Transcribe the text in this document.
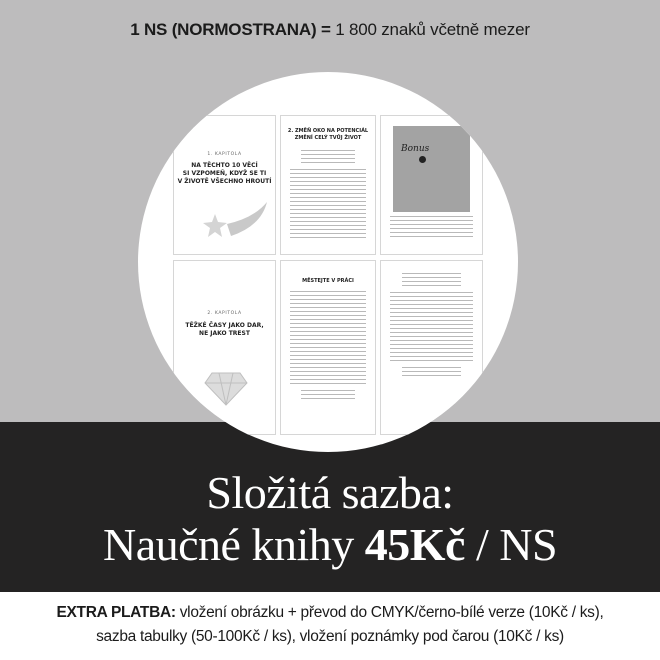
1 NS (NORMOSTRANA) = 1 800 znaků včetně mezer
1. KAPITOLA
NA TĚCHTO 10 VĚCÍ
SI VZPOMEŇ, KDYŽ SE TI
V ŽIVOTĚ VŠECHNO HROUTÍ
2. ZMĚŇ OKO NA POTENCIÁL
ZMĚNÍ CELÝ TVŮJ ŽIVOT
Bonus
2. KAPITOLA
TĚŽKÉ ČASY JAKO DAR,
NE JAKO TREST
MĚSTEJTE V PRÁCI
Složitá sazba:
Naučné knihy 45Kč / NS
EXTRA PLATBA: vložení obrázku + převod do CMYK/černo-bílé verze (10Kč / ks),
sazba tabulky (50-100Kč / ks), vložení poznámky pod čarou (10Kč / ks)
